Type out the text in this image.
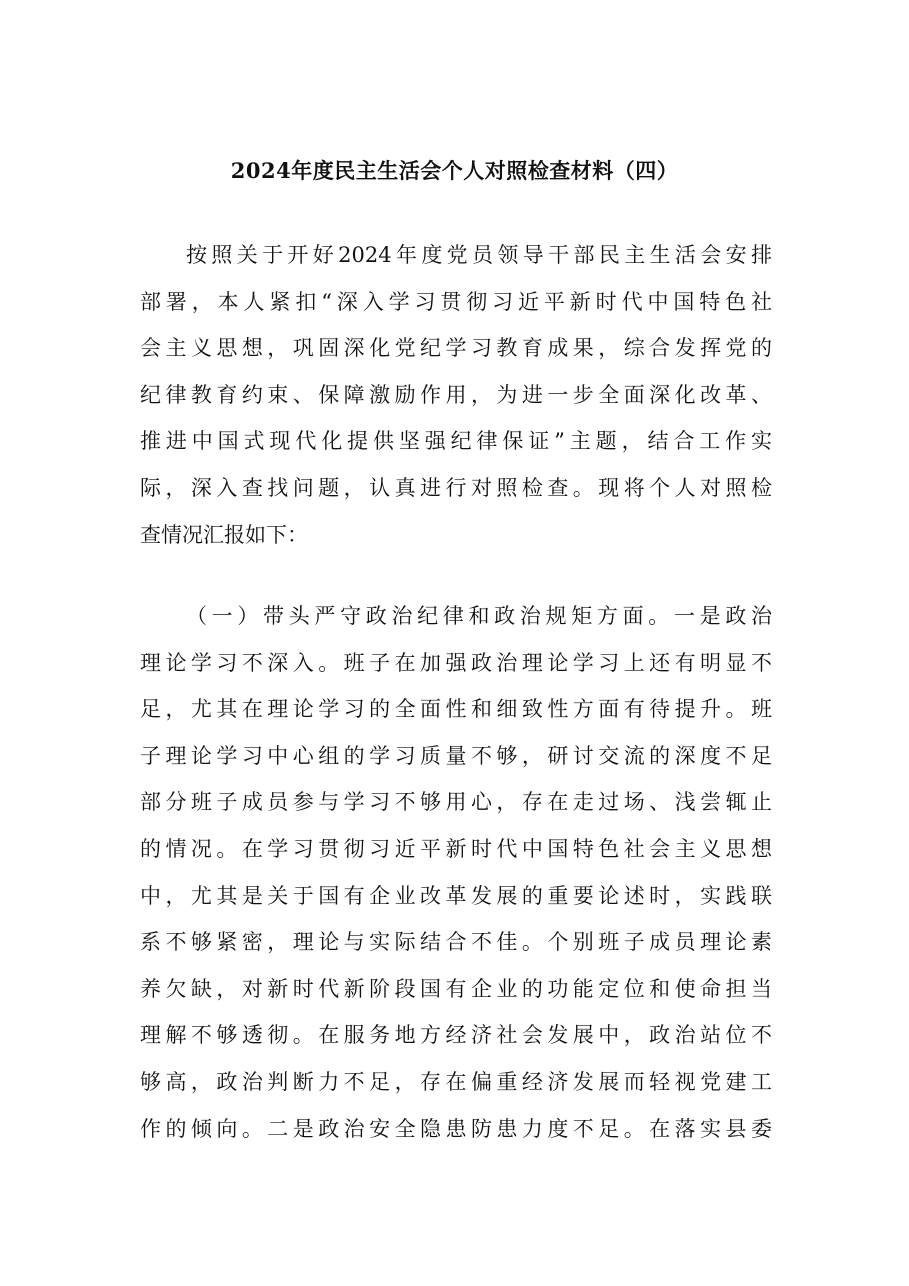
2024年度民主生活会个人对照检查材料（四）
按照关于开好2024年度党员领导干部民主生活会安排
部署，本人紧扣“深入学习贯彻习近平新时代中国特色社
会主义思想，巩固深化党纪学习教育成果，综合发挥党的
纪律教育约束、保障激励作用，为进一步全面深化改革、
推进中国式现代化提供坚强纪律保证”主题，结合工作实
际，深入查找问题，认真进行对照检查。现将个人对照检
查情况汇报如下：
（一）带头严守政治纪律和政治规矩方面。一是政治
理论学习不深入。班子在加强政治理论学习上还有明显不
足，尤其在理论学习的全面性和细致性方面有待提升。班
子理论学习中心组的学习质量不够，研讨交流的深度不足
部分班子成员参与学习不够用心，存在走过场、浅尝辄止
的情况。在学习贯彻习近平新时代中国特色社会主义思想
中，尤其是关于国有企业改革发展的重要论述时，实践联
系不够紧密，理论与实际结合不佳。个别班子成员理论素
养欠缺，对新时代新阶段国有企业的功能定位和使命担当
理解不够透彻。在服务地方经济社会发展中，政治站位不
够高，政治判断力不足，存在偏重经济发展而轻视党建工
作的倾向。二是政治安全隐患防患力度不足。在落实县委
